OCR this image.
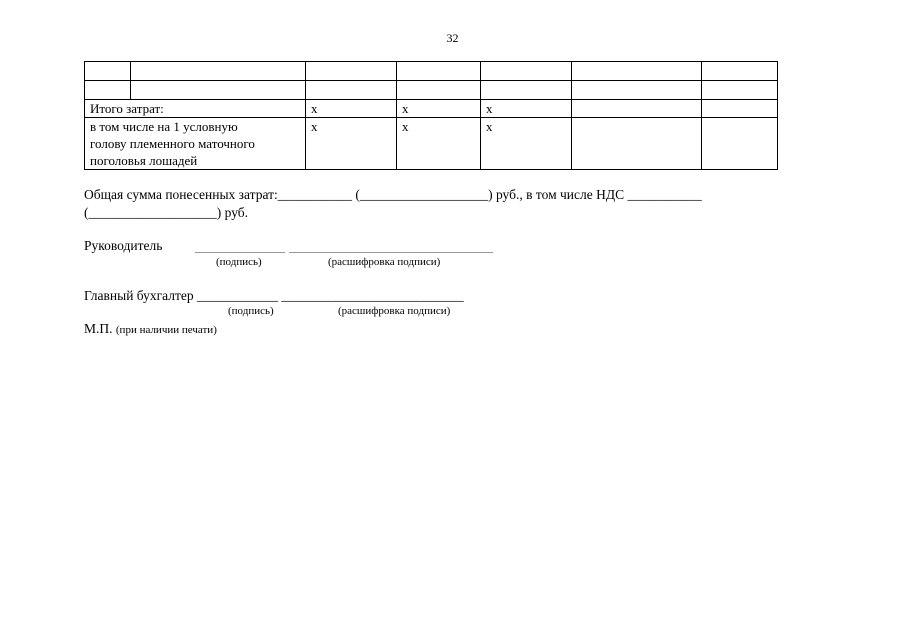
32

Итого затрат:		x	x	x		

в том числе на 1 условную
голову племенного маточного
поголовья лошадей		x	x	x		
Общая сумма понесенных затрат:___________ (___________________) руб., в том числе НДС ___________
(___________________) руб.
Руководитель
(подпись)	(расшифровка подписи)
Главный бухгалтер ____________ ___________________________
(подпись)	(расшифровка подписи)
М.П. (при наличии печати)
